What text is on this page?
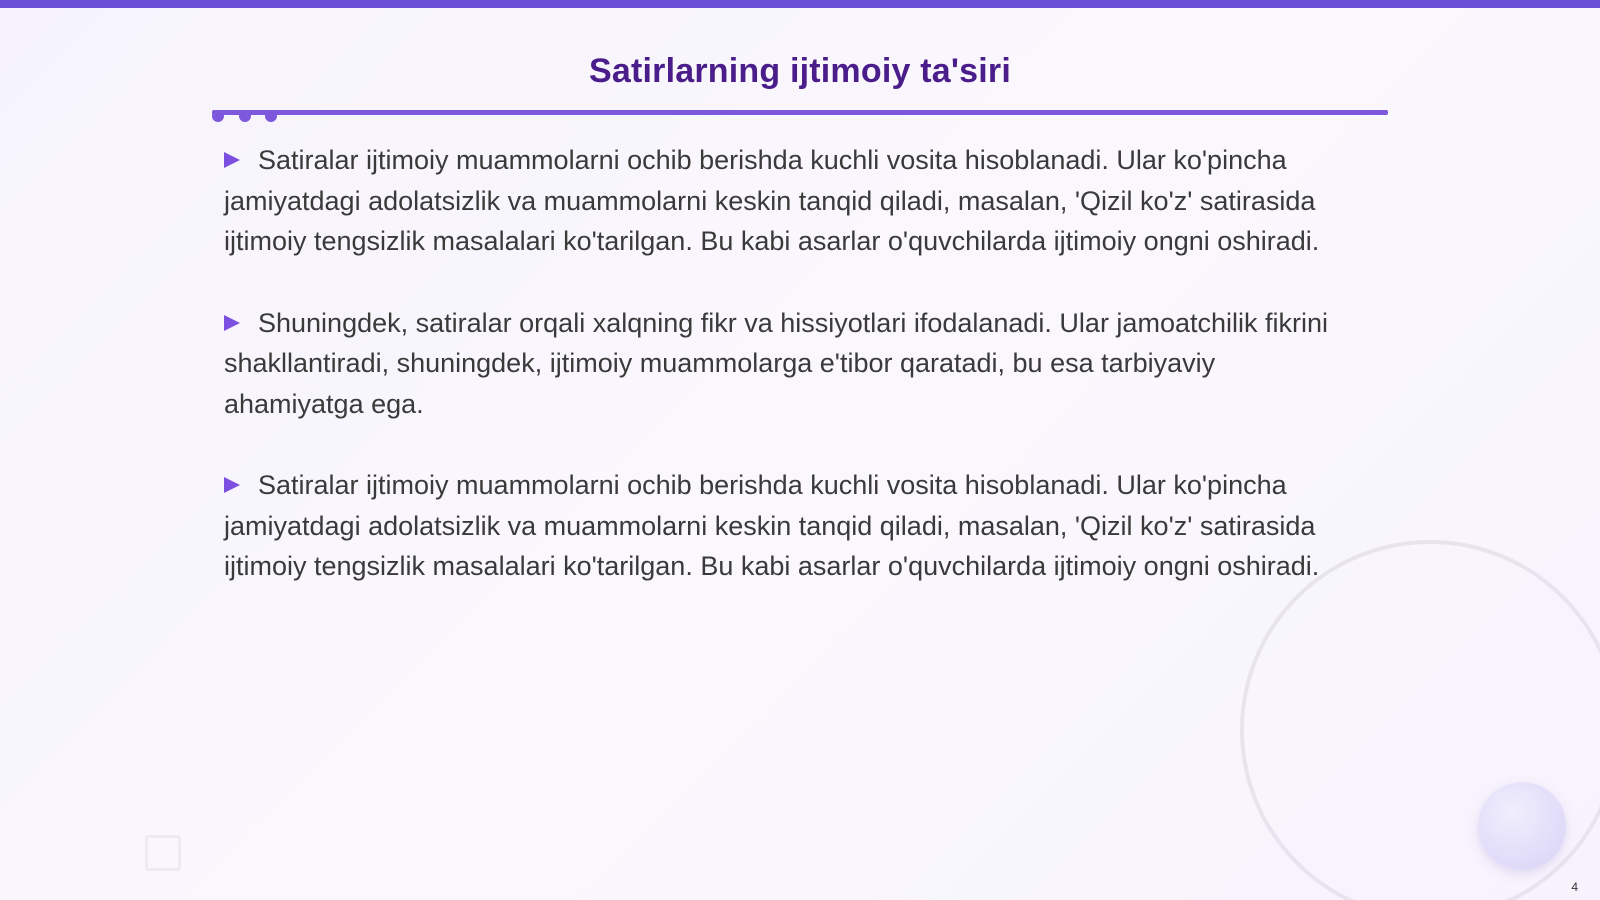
Satirlarning ijtimoiy ta'siri

Satiralar ijtimoiy muammolarni ochib berishda kuchli vosita hisoblanadi. Ular ko'pincha jamiyatdagi adolatsizlik va muammolarni keskin tanqid qiladi, masalan, 'Qizil ko'z' satirasida ijtimoiy tengsizlik masalalari ko'tarilgan. Bu kabi asarlar o'quvchilarda ijtimoiy ongni oshiradi.

Shuningdek, satiralar orqali xalqning fikr va hissiyotlari ifodalanadi. Ular jamoatchilik fikrini shakllantiradi, shuningdek, ijtimoiy muammolarga e'tibor qaratadi, bu esa tarbiyaviy ahamiyatga ega.

Satiralar ijtimoiy muammolarni ochib berishda kuchli vosita hisoblanadi. Ular ko'pincha jamiyatdagi adolatsizlik va muammolarni keskin tanqid qiladi, masalan, 'Qizil ko'z' satirasida ijtimoiy tengsizlik masalalari ko'tarilgan. Bu kabi asarlar o'quvchilarda ijtimoiy ongni oshiradi.

4
